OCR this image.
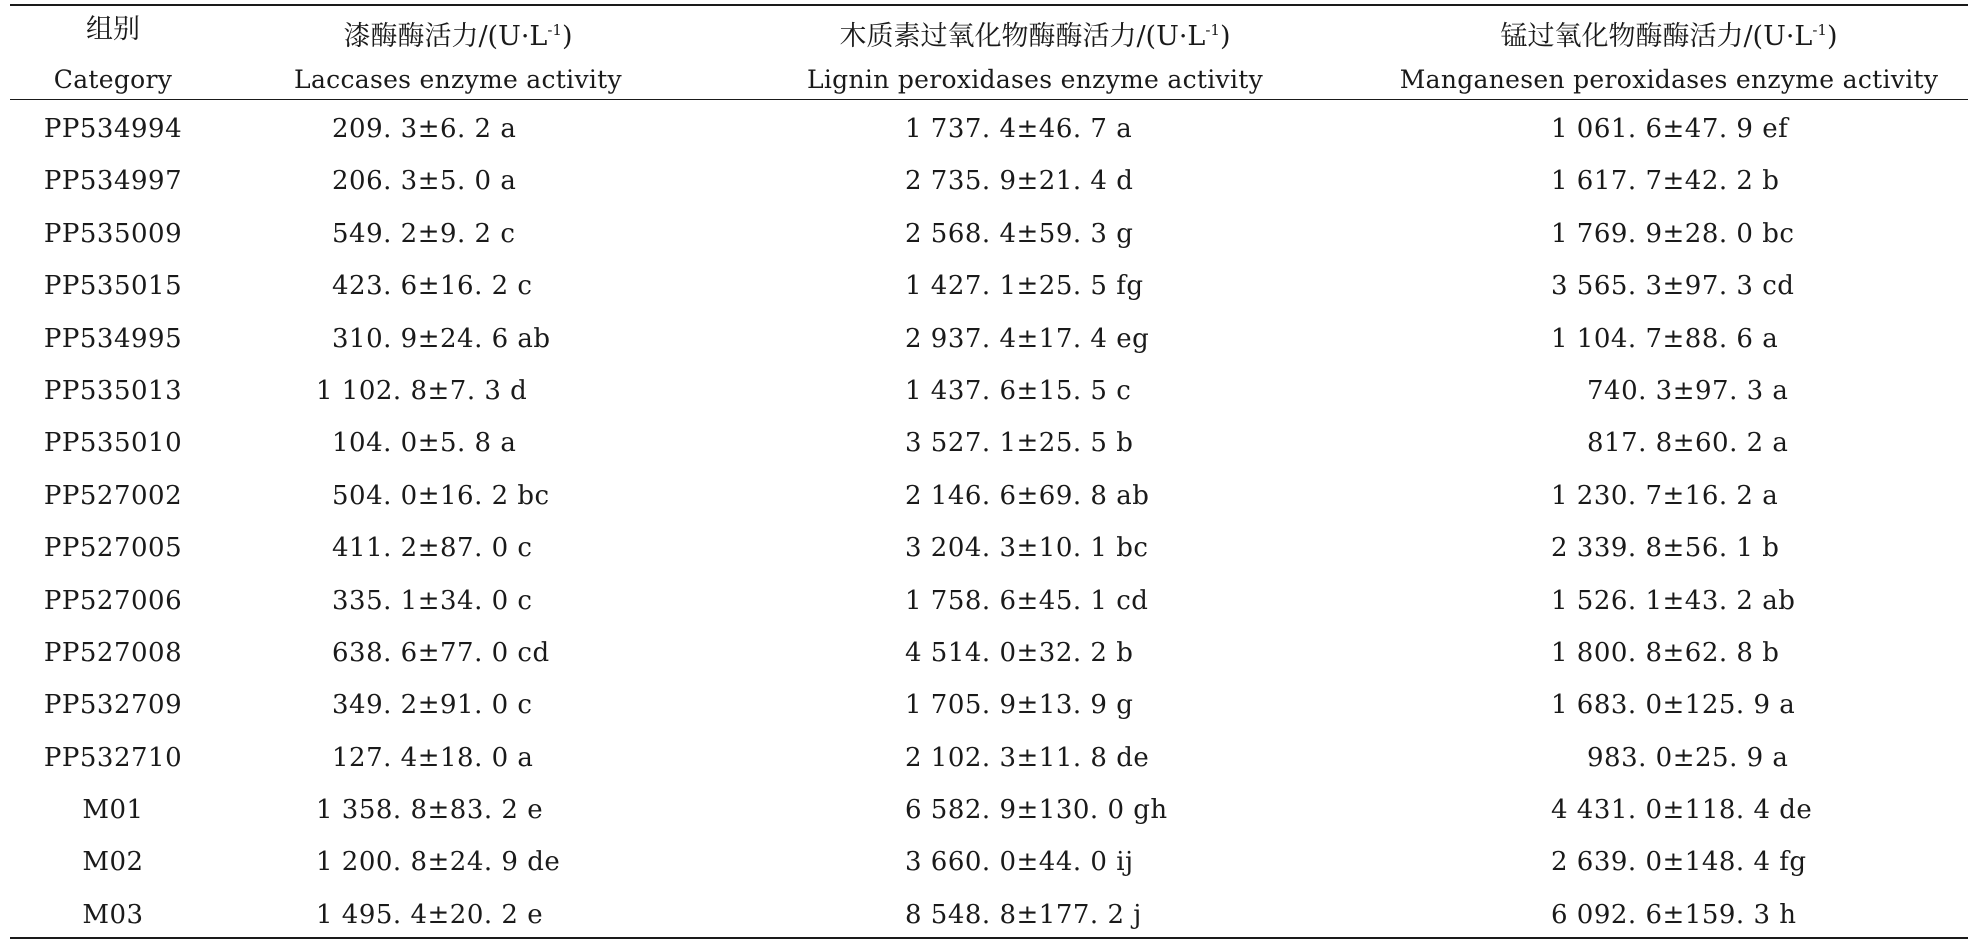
组别	漆酶酶活力$/(U\cdot L^{-1})$	木质素过氧化物酶酶活力$/(U\cdot L^{-1})$	锰过氧化物酶酶活力$/(U\cdot L^{-1})$
Category	Laccases enzyme activity	Lignin peroxidases enzyme activity	Manganesen peroxidases enzyme activity
PP534994	209. 3±6. 2 a	1 737. 4±46. 7 a	1 061. 6±47. 9 ef
PP534997	206. 3±5. 0 a	2 735. 9±21. 4 d	1 617. 7±42. 2 b
PP535009	549. 2±9. 2 c	2 568. 4±59. 3 g	1 769. 9±28. 0 bc
PP535015	423. 6±16. 2 c	1 427. 1±25. 5 fg	3 565. 3±97. 3 cd
PP534995	310. 9±24. 6 ab	2 937. 4±17. 4 eg	1 104. 7±88. 6 a
PP535013	1 102. 8±7. 3 d	1 437. 6±15. 5 c	740. 3±97. 3 a
PP535010	104. 0±5. 8 a	3 527. 1±25. 5 b	817. 8±60. 2 a
PP527002	504. 0±16. 2 bc	2 146. 6±69. 8 ab	1 230. 7±16. 2 a
PP527005	411. 2±87. 0 c	3 204. 3±10. 1 bc	2 339. 8±56. 1 b
PP527006	335. 1±34. 0 c	1 758. 6±45. 1 cd	1 526. 1±43. 2 ab
PP527008	638. 6±77. 0 cd	4 514. 0±32. 2 b	1 800. 8±62. 8 b
PP532709	349. 2±91. 0 c	1 705. 9±13. 9 g	1 683. 0±125. 9 a
PP532710	127. 4±18. 0 a	2 102. 3±11. 8 de	983. 0±25. 9 a
M01	1 358. 8±83. 2 e	6 582. 9±130. 0 gh	4 431. 0±118. 4 de
M02	1 200. 8±24. 9 de	3 660. 0±44. 0 ij	2 639. 0±148. 4 fg
M03	1 495. 4±20. 2 e	8 548. 8±177. 2 j	6 092. 6±159. 3 h
